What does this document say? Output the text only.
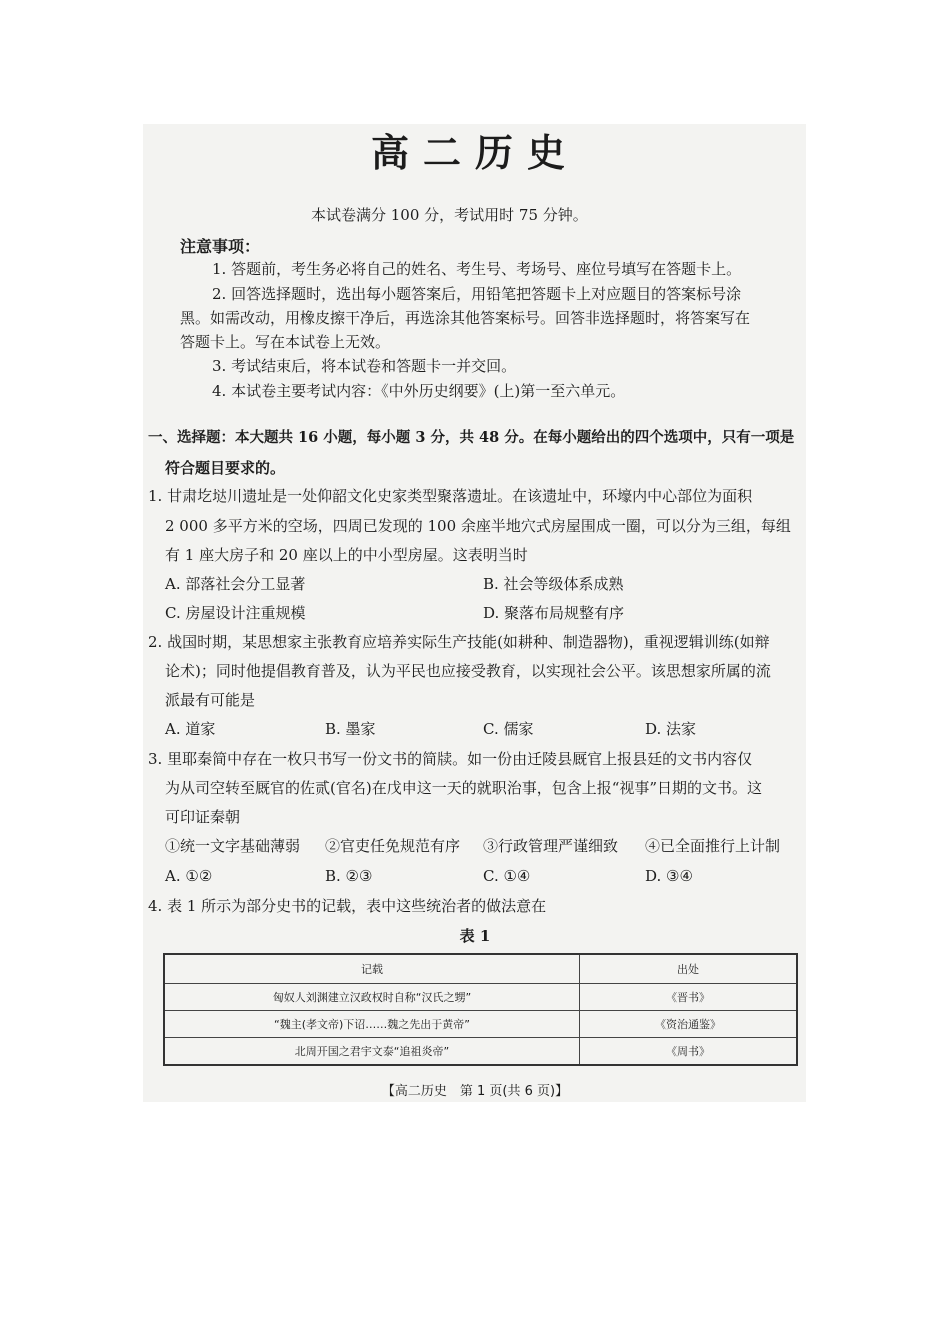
高二历史
本试卷满分 100 分，考试用时 75 分钟。
注意事项：
1. 答题前，考生务必将自己的姓名、考生号、考场号、座位号填写在答题卡上。
2. 回答选择题时，选出每小题答案后，用铅笔把答题卡上对应题目的答案标号涂
黑。如需改动，用橡皮擦干净后，再选涂其他答案标号。回答非选择题时，将答案写在
答题卡上。写在本试卷上无效。
3. 考试结束后，将本试卷和答题卡一并交回。
4. 本试卷主要考试内容：《中外历史纲要》(上)第一至六单元。
一、选择题：本大题共 16 小题，每小题 3 分，共 48 分。在每小题给出的四个选项中，只有一项是
符合题目要求的。
1. 甘肃圪垯川遗址是一处仰韶文化史家类型聚落遗址。在该遗址中，环壕内中心部位为面积
2 000 多平方米的空场，四周已发现的 100 余座半地穴式房屋围成一圈，可以分为三组，每组
有 1 座大房子和 20 座以上的中小型房屋。这表明当时
A. 部落社会分工显著	B. 社会等级体系成熟
C. 房屋设计注重规模	D. 聚落布局规整有序
2. 战国时期，某思想家主张教育应培养实际生产技能(如耕种、制造器物)，重视逻辑训练(如辩
论术)；同时他提倡教育普及，认为平民也应接受教育，以实现社会公平。该思想家所属的流
派最有可能是
A. 道家	B. 墨家	C. 儒家	D. 法家
3. 里耶秦简中存在一枚只书写一份文书的简牍。如一份由迁陵县厩官上报县廷的文书内容仅
为从司空转至厩官的佐贰(官名)在戊申这一天的就职治事，包含上报“视事”日期的文书。这
可印证秦朝
①统一文字基础薄弱 ②官吏任免规范有序 ③行政管理严谨细致 ④已全面推行上计制
A. ①②	B. ②③	C. ①④	D. ③④
4. 表 1 所示为部分史书的记载，表中这些统治者的做法意在
表 1
记载	出处
匈奴人刘渊建立汉政权时自称“汉氏之甥”	《晋书》
“魏主(孝文帝)下诏……魏之先出于黄帝”	《资治通鉴》
北周开国之君宇文泰“追祖炎帝”	《周书》
【高二历史　第 1 页(共 6 页)】
